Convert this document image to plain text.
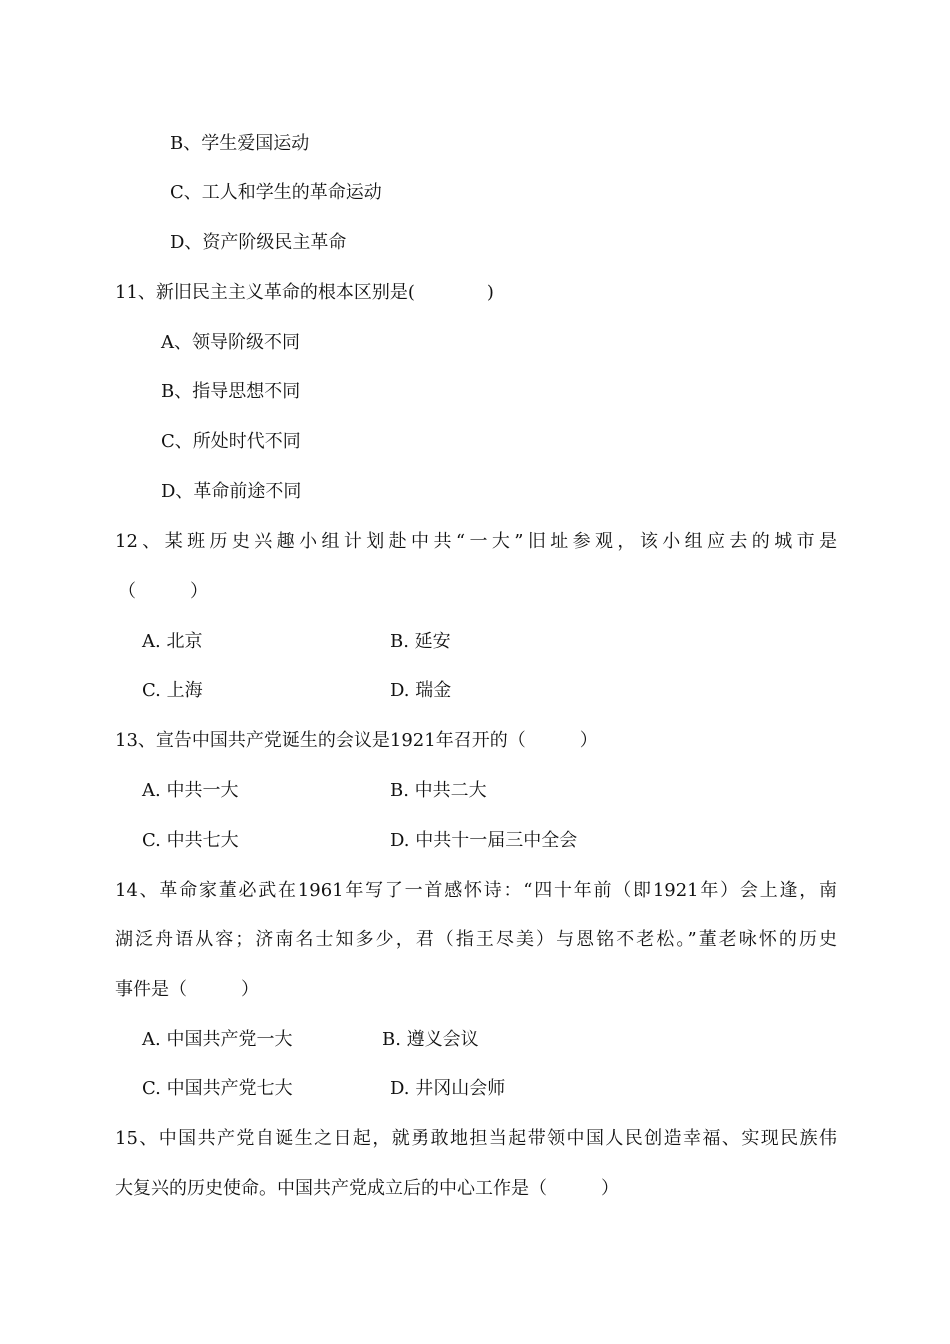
B、学生爱国运动
C、工人和学生的革命运动
D、资产阶级民主革命
11、新旧民主主义革命的根本区别是(　　　　)
A、领导阶级不同
B、指导思想不同
C、所处时代不同
D、革命前途不同
12、某班历史兴趣小组计划赴中共“一大”旧址参观，该小组应去的城市是
（　　　）
A. 北京	B. 延安
C. 上海	D. 瑞金
13、宣告中国共产党诞生的会议是1921年召开的（　　　）
A. 中共一大	B. 中共二大
C. 中共七大	D. 中共十一届三中全会
14、革命家董必武在1961年写了一首感怀诗：“四十年前（即1921年）会上逢，南
湖泛舟语从容；济南名士知多少，君（指王尽美）与恩铭不老松。”董老咏怀的历史
事件是（　　　）
A. 中国共产党一大	B. 遵义会议
C. 中国共产党七大	D. 井冈山会师
15、中国共产党自诞生之日起，就勇敢地担当起带领中国人民创造幸福、实现民族伟
大复兴的历史使命。中国共产党成立后的中心工作是（　　　）
